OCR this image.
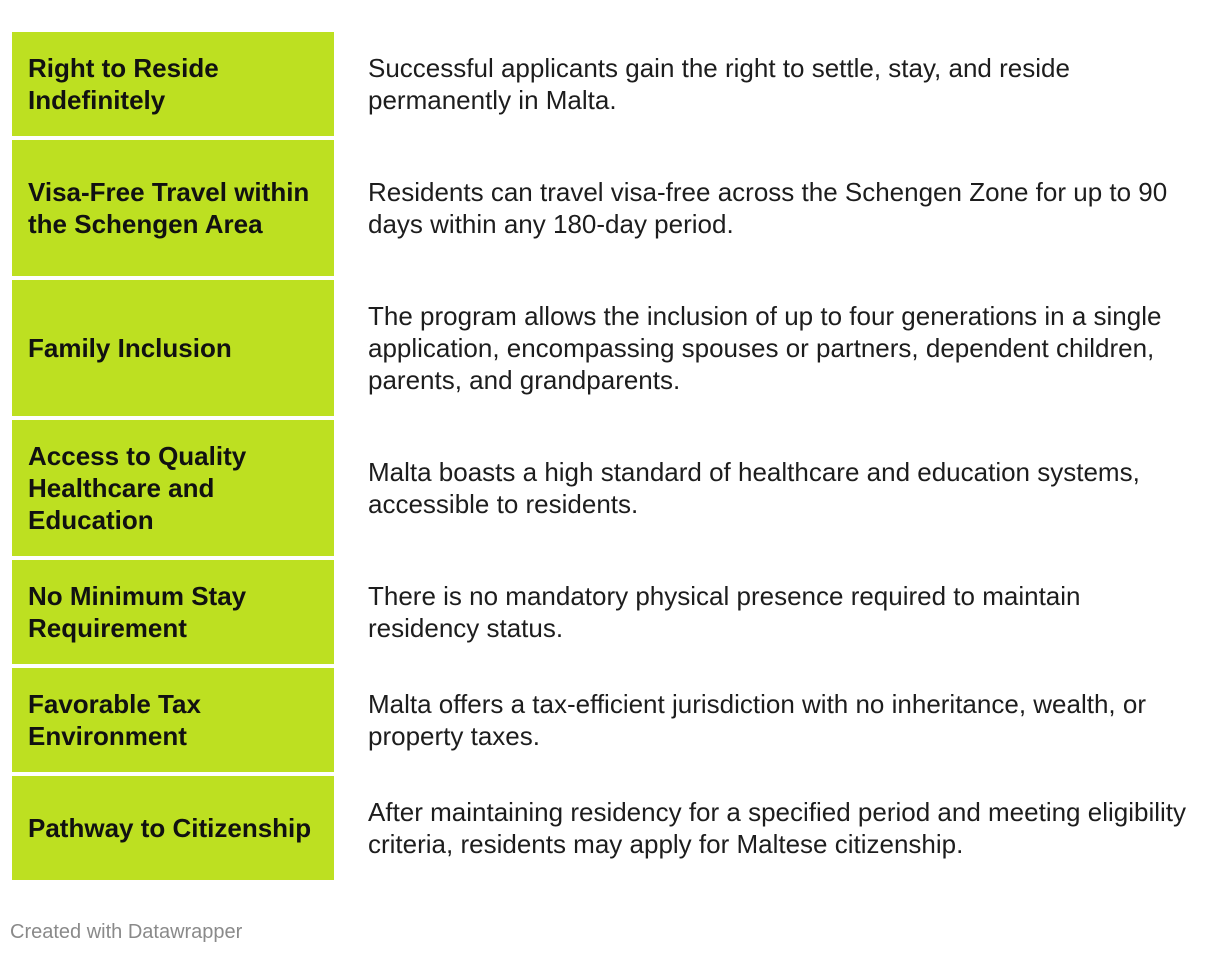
Right to Reside Indefinitely
Successful applicants gain the right to settle, stay, and reside permanently in Malta.
Visa-Free Travel within the Schengen Area
Residents can travel visa-free across the Schengen Zone for up to 90 days within any 180-day period.
Family Inclusion
The program allows the inclusion of up to four generations in a single application, encompassing spouses or partners, dependent children, parents, and grandparents.
Access to Quality Healthcare and Education
Malta boasts a high standard of healthcare and education systems, accessible to residents.
No Minimum Stay Requirement
There is no mandatory physical presence required to maintain residency status.
Favorable Tax Environment
Malta offers a tax-efficient jurisdiction with no inheritance, wealth, or property taxes.
Pathway to Citizenship
After maintaining residency for a specified period and meeting eligibility criteria, residents may apply for Maltese citizenship.
Created with Datawrapper
